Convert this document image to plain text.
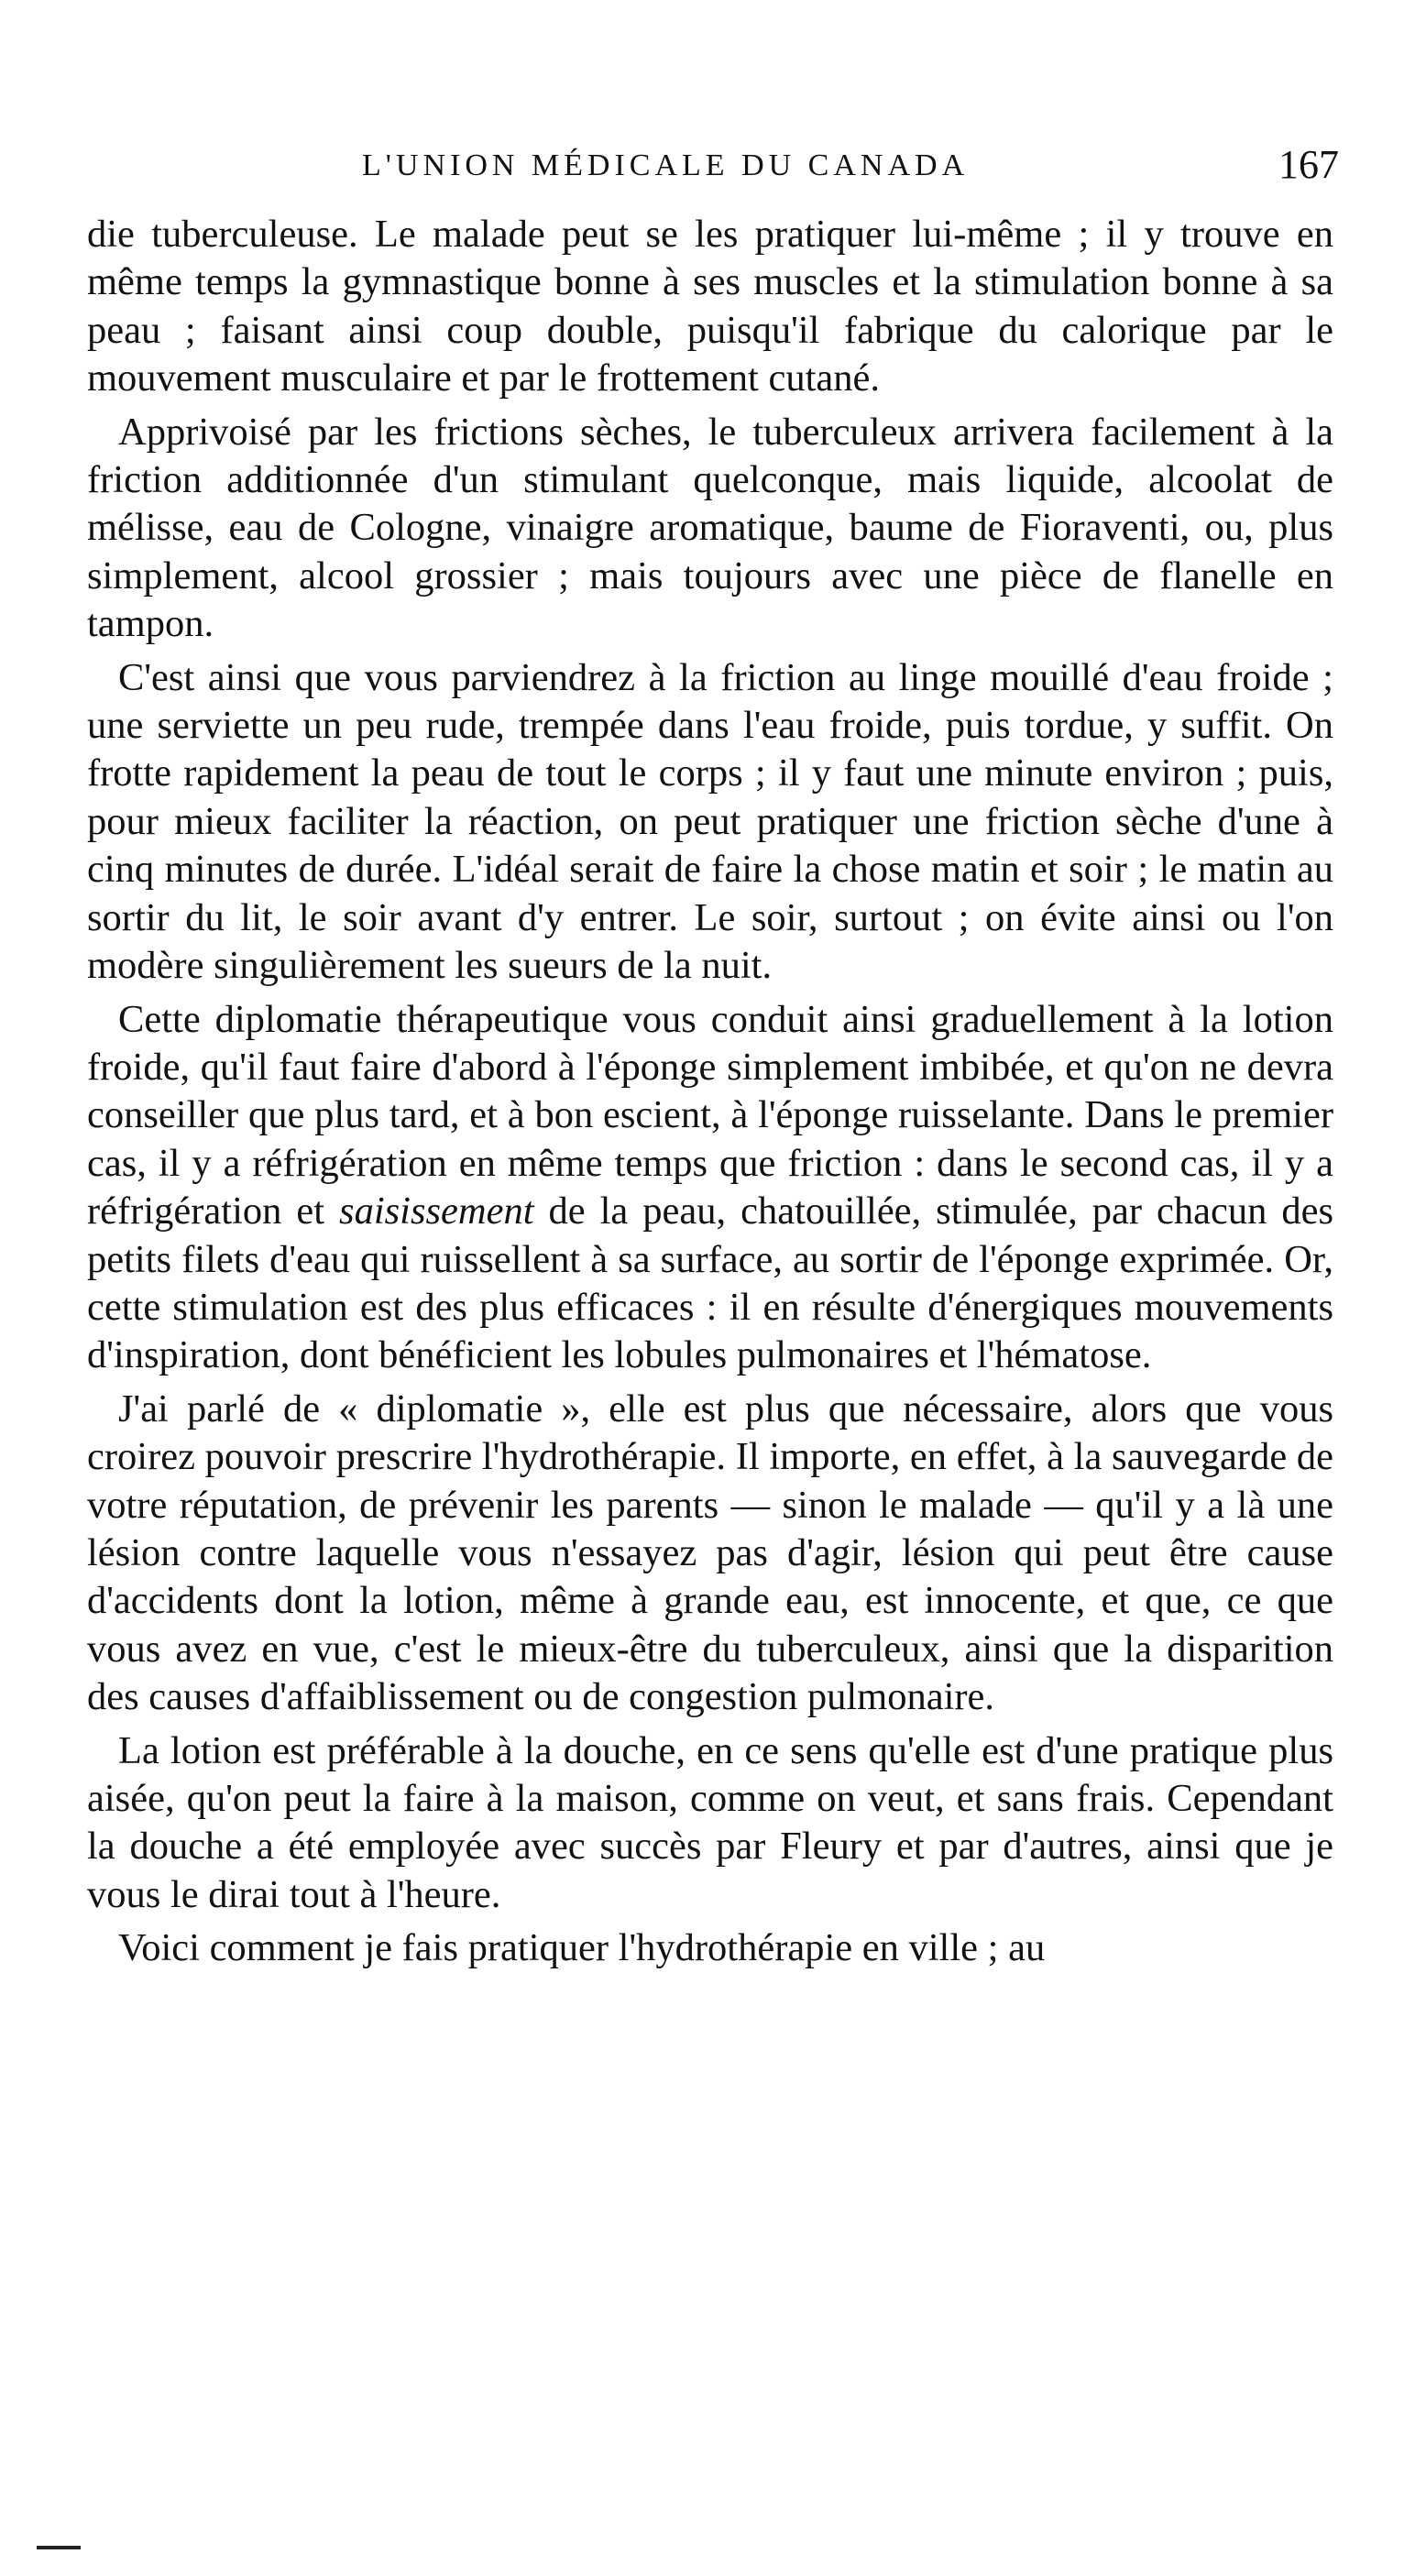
L'UNION MÉDICALE DU CANADA	167

die tuberculeuse. Le malade peut se les pratiquer lui-même ; il y trouve en même temps la gymnastique bonne à ses muscles et la stimulation bonne à sa peau ; faisant ainsi coup double, puisqu'il fabrique du calorique par le mouvement musculaire et par le frottement cutané.

Apprivoisé par les frictions sèches, le tuberculeux arrivera facilement à la friction additionnée d'un stimulant quelconque, mais liquide, alcoolat de mélisse, eau de Cologne, vinaigre aromatique, baume de Fioraventi, ou, plus simplement, alcool grossier ; mais toujours avec une pièce de flanelle en tampon.

C'est ainsi que vous parviendrez à la friction au linge mouillé d'eau froide ; une serviette un peu rude, trempée dans l'eau froide, puis tordue, y suffit. On frotte rapidement la peau de tout le corps ; il y faut une minute environ ; puis, pour mieux faciliter la réaction, on peut pratiquer une friction sèche d'une à cinq minutes de durée. L'idéal serait de faire la chose matin et soir ; le matin au sortir du lit, le soir avant d'y entrer. Le soir, surtout ; on évite ainsi ou l'on modère singulièrement les sueurs de la nuit.

Cette diplomatie thérapeutique vous conduit ainsi graduellement à la lotion froide, qu'il faut faire d'abord à l'éponge simplement imbibée, et qu'on ne devra conseiller que plus tard, et à bon escient, à l'éponge ruisselante. Dans le premier cas, il y a réfrigération en même temps que friction : dans le second cas, il y a réfrigération et saisissement de la peau, chatouillée, stimulée, par chacun des petits filets d'eau qui ruissellent à sa surface, au sortir de l'éponge exprimée. Or, cette stimulation est des plus efficaces : il en résulte d'énergiques mouvements d'inspiration, dont bénéficient les lobules pulmonaires et l'hématose.

J'ai parlé de « diplomatie », elle est plus que nécessaire, alors que vous croirez pouvoir prescrire l'hydrothérapie. Il importe, en effet, à la sauvegarde de votre réputation, de prévenir les parents — sinon le malade — qu'il y a là une lésion contre laquelle vous n'essayez pas d'agir, lésion qui peut être cause d'accidents dont la lotion, même à grande eau, est innocente, et que, ce que vous avez en vue, c'est le mieux-être du tuberculeux, ainsi que la disparition des causes d'affaiblissement ou de congestion pulmonaire.

La lotion est préférable à la douche, en ce sens qu'elle est d'une pratique plus aisée, qu'on peut la faire à la maison, comme on veut, et sans frais. Cependant la douche a été employée avec succès par Fleury et par d'autres, ainsi que je vous le dirai tout à l'heure.

Voici comment je fais pratiquer l'hydrothérapie en ville ; au
